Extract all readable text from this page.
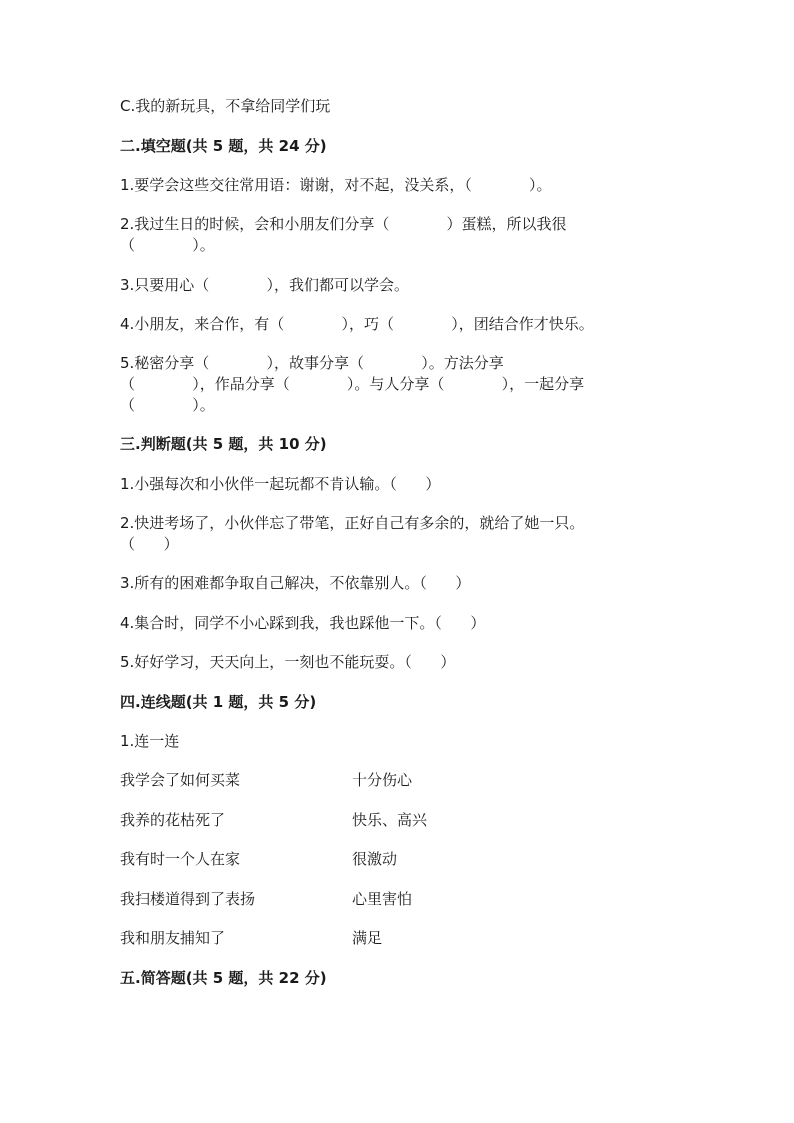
C.我的新玩具，不拿给同学们玩
二.填空题(共 5 题，共 24 分)
1.要学会这些交往常用语：谢谢，对不起，没关系，（            ）。
2.我过生日的时候，会和小朋友们分享（            ）蛋糕，所以我很
（            ）。
3.只要用心（            ），我们都可以学会。
4.小朋友，来合作，有（            ），巧（            ），团结合作才快乐。
5.秘密分享（            ），故事分享（            ）。方法分享
（            ），作品分享（            ）。与人分享（            ），一起分享
（            ）。
三.判断题(共 5 题，共 10 分)
1.小强每次和小伙伴一起玩都不肯认输。（      ）
2.快进考场了，小伙伴忘了带笔，正好自己有多余的，就给了她一只。
（      ）
3.所有的困难都争取自己解决，不依靠别人。（      ）
4.集合时，同学不小心踩到我，我也踩他一下。（      ）
5.好好学习，天天向上，一刻也不能玩耍。（      ）
四.连线题(共 1 题，共 5 分)
1.连一连
我学会了如何买菜	十分伤心
我养的花枯死了	快乐、高兴
我有时一个人在家	很激动
我扫楼道得到了表扬	心里害怕
我和朋友捕知了	满足
五.简答题(共 5 题，共 22 分)
